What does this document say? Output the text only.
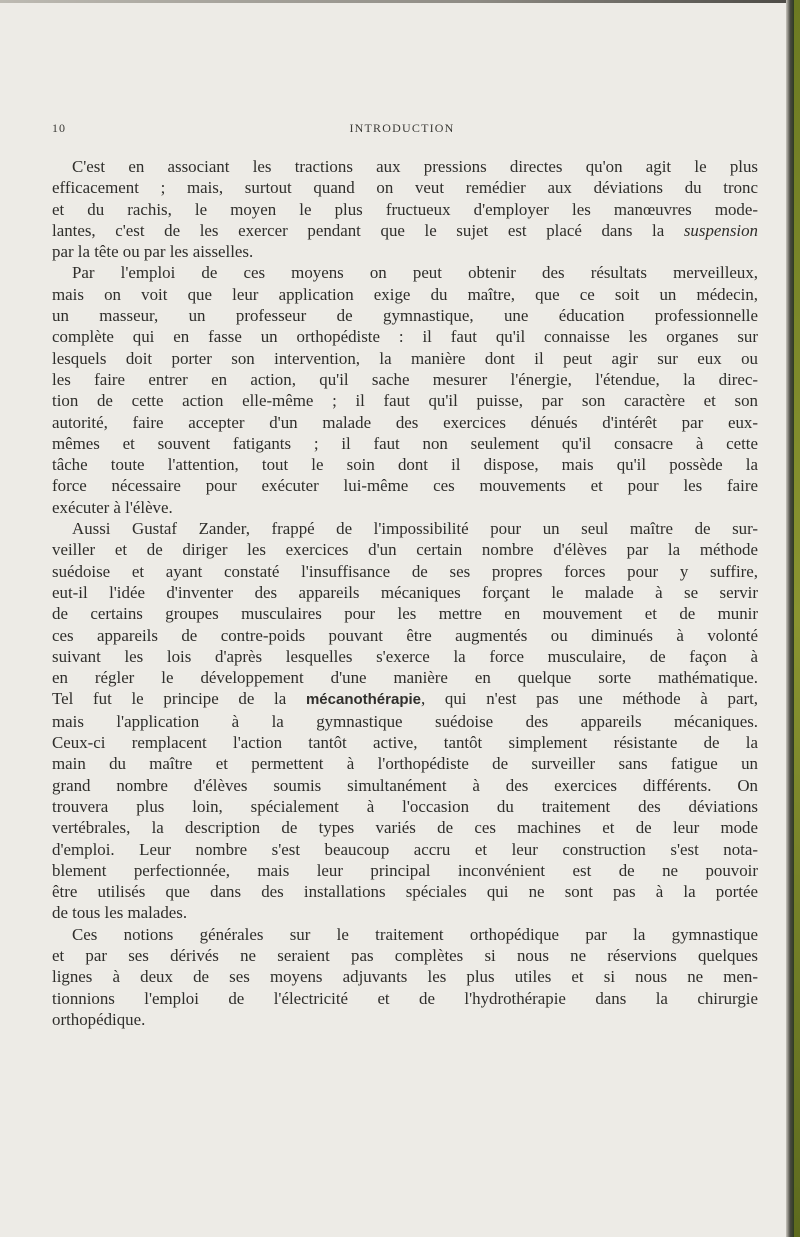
10	INTRODUCTION

C'est en associant les tractions aux pressions directes qu'on agit le plus
efficacement ; mais, surtout quand on veut remédier aux déviations du tronc
et du rachis, le moyen le plus fructueux d'employer les manœuvres mode-
lantes, c'est de les exercer pendant que le sujet est placé dans la suspension
par la tête ou par les aisselles.

Par l'emploi de ces moyens on peut obtenir des résultats merveilleux,
mais on voit que leur application exige du maître, que ce soit un médecin,
un masseur, un professeur de gymnastique, une éducation professionnelle
complète qui en fasse un orthopédiste : il faut qu'il connaisse les organes sur
lesquels doit porter son intervention, la manière dont il peut agir sur eux ou
les faire entrer en action, qu'il sache mesurer l'énergie, l'étendue, la direc-
tion de cette action elle-même ; il faut qu'il puisse, par son caractère et son
autorité, faire accepter d'un malade des exercices dénués d'intérêt par eux-
mêmes et souvent fatigants ; il faut non seulement qu'il consacre à cette
tâche toute l'attention, tout le soin dont il dispose, mais qu'il possède la
force nécessaire pour exécuter lui-même ces mouvements et pour les faire
exécuter à l'élève.

Aussi Gustaf Zander, frappé de l'impossibilité pour un seul maître de sur-
veiller et de diriger les exercices d'un certain nombre d'élèves par la méthode
suédoise et ayant constaté l'insuffisance de ses propres forces pour y suffire,
eut-il l'idée d'inventer des appareils mécaniques forçant le malade à se servir
de certains groupes musculaires pour les mettre en mouvement et de munir
ces appareils de contre-poids pouvant être augmentés ou diminués à volonté
suivant les lois d'après lesquelles s'exerce la force musculaire, de façon à
en régler le développement d'une manière en quelque sorte mathématique.
Tel fut le principe de la mécanothérapie, qui n'est pas une méthode à part,
mais l'application à la gymnastique suédoise des appareils mécaniques.
Ceux-ci remplacent l'action tantôt active, tantôt simplement résistante de la
main du maître et permettent à l'orthopédiste de surveiller sans fatigue un
grand nombre d'élèves soumis simultanément à des exercices différents. On
trouvera plus loin, spécialement à l'occasion du traitement des déviations
vertébrales, la description de types variés de ces machines et de leur mode
d'emploi. Leur nombre s'est beaucoup accru et leur construction s'est nota-
blement perfectionnée, mais leur principal inconvénient est de ne pouvoir
être utilisés que dans des installations spéciales qui ne sont pas à la portée
de tous les malades.

Ces notions générales sur le traitement orthopédique par la gymnastique
et par ses dérivés ne seraient pas complètes si nous ne réservions quelques
lignes à deux de ses moyens adjuvants les plus utiles et si nous ne men-
tionnions l'emploi de l'électricité et de l'hydrothérapie dans la chirurgie
orthopédique.
